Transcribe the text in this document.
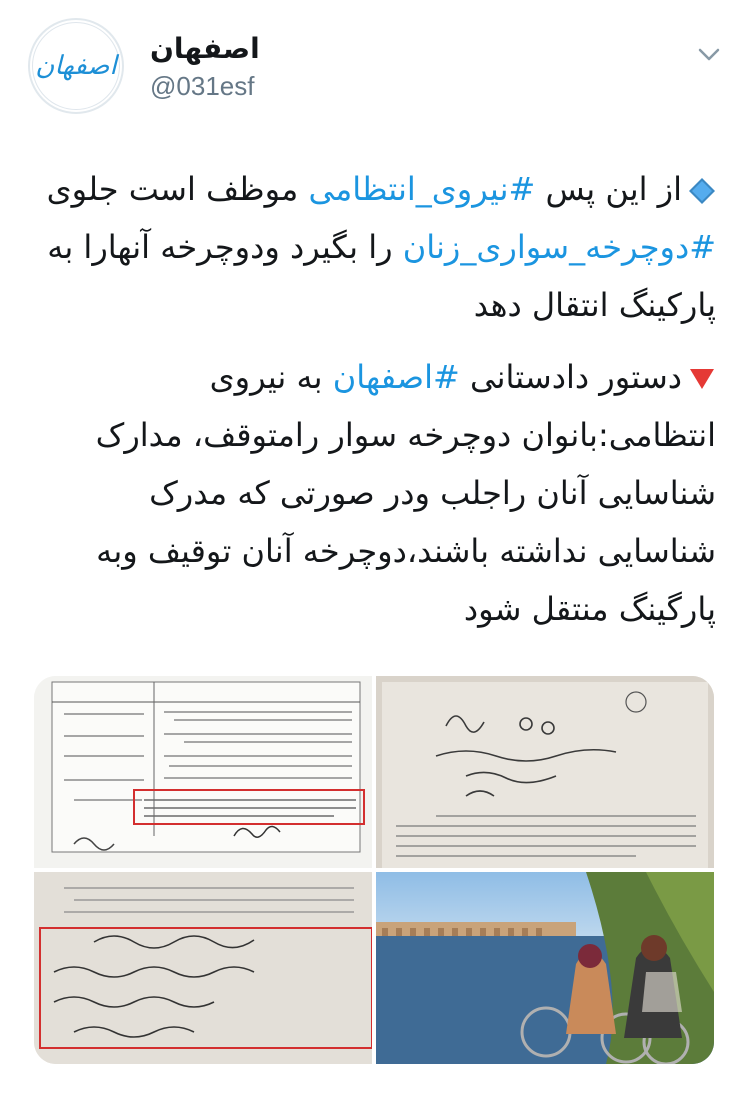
اصفهان
اصفهان
@031esf

از این پس #نیروی_انتظامی موظف است جلوی #دوچرخه_سواری_زنان را بگیرد ودوچرخه آنهارا به پارکینگ انتقال دهد

دستور دادستانی #اصفهان به نیروی انتظامی:بانوان دوچرخه سوار رامتوقف، مدارک شناسایی آنان راجلب ودر صورتی که مدرک شناسایی نداشته باشند،دوچرخه آنان توقیف وبه پارگینگ منتقل شود
